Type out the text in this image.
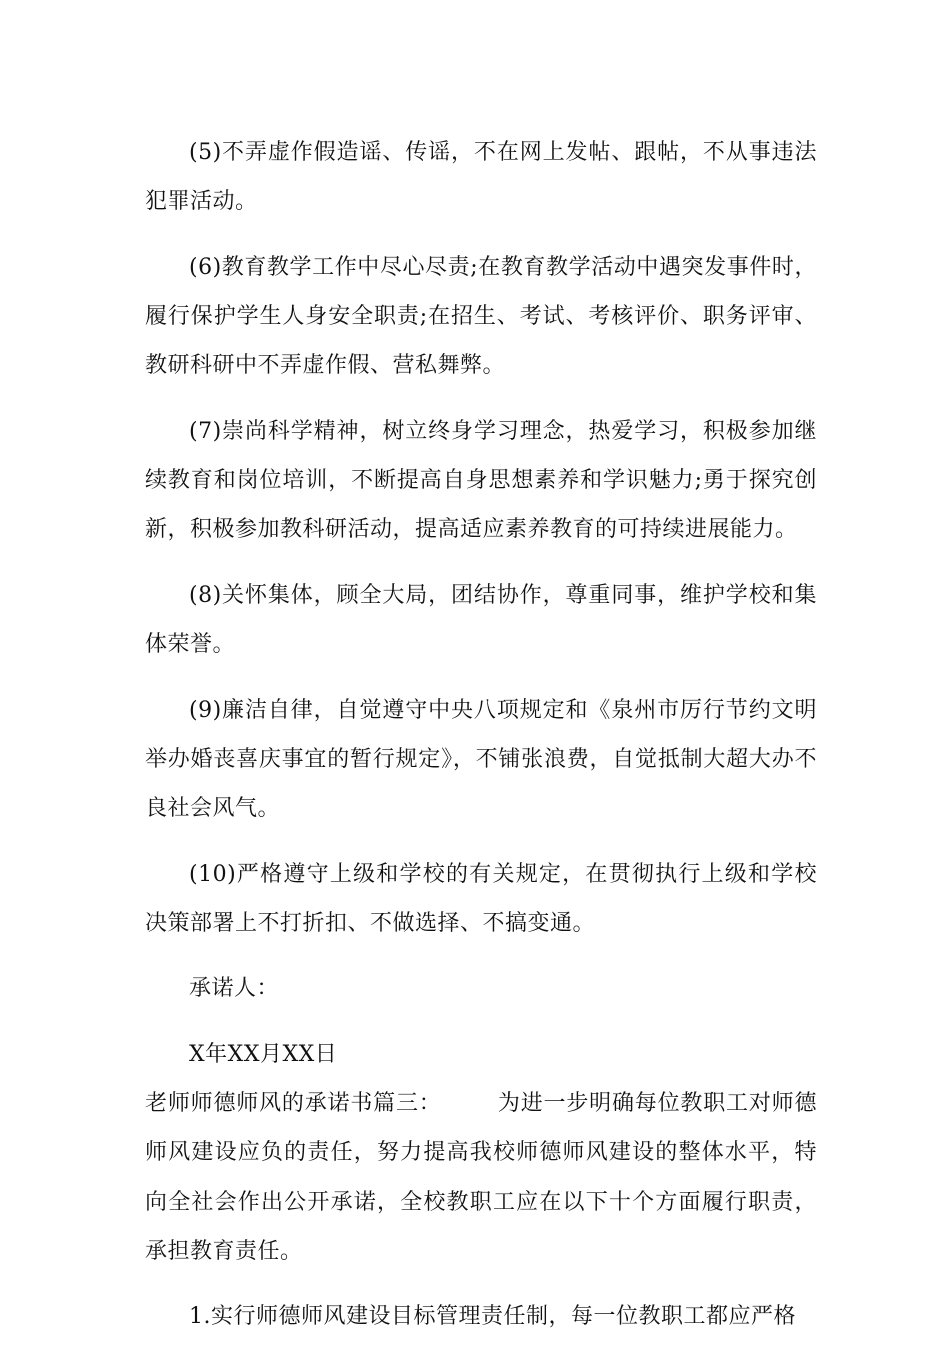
(5)不弄虚作假造谣、传谣，不在网上发帖、跟帖，不从事违法犯罪活动。

(6)教育教学工作中尽心尽责;在教育教学活动中遇突发事件时，履行保护学生人身安全职责;在招生、考试、考核评价、职务评审、教研科研中不弄虚作假、营私舞弊。

(7)崇尚科学精神，树立终身学习理念，热爱学习，积极参加继续教育和岗位培训，不断提高自身思想素养和学识魅力;勇于探究创新，积极参加教科研活动，提高适应素养教育的可持续进展能力。

(8)关怀集体，顾全大局，团结协作，尊重同事，维护学校和集体荣誉。

(9)廉洁自律，自觉遵守中央八项规定和《泉州市厉行节约文明举办婚丧喜庆事宜的暂行规定》，不铺张浪费，自觉抵制大超大办不良社会风气。

(10)严格遵守上级和学校的有关规定，在贯彻执行上级和学校决策部署上不打折扣、不做选择、不搞变通。

承诺人：

X年XX月XX日

老师师德师风的承诺书篇三：	为进一步明确每位教职工对师德师风建设应负的责任，努力提高我校师德师风建设的整体水平，特向全社会作出公开承诺，全校教职工应在以下十个方面履行职责，承担教育责任。

1.实行师德师风建设目标管理责任制，每一位教职工都应严格
